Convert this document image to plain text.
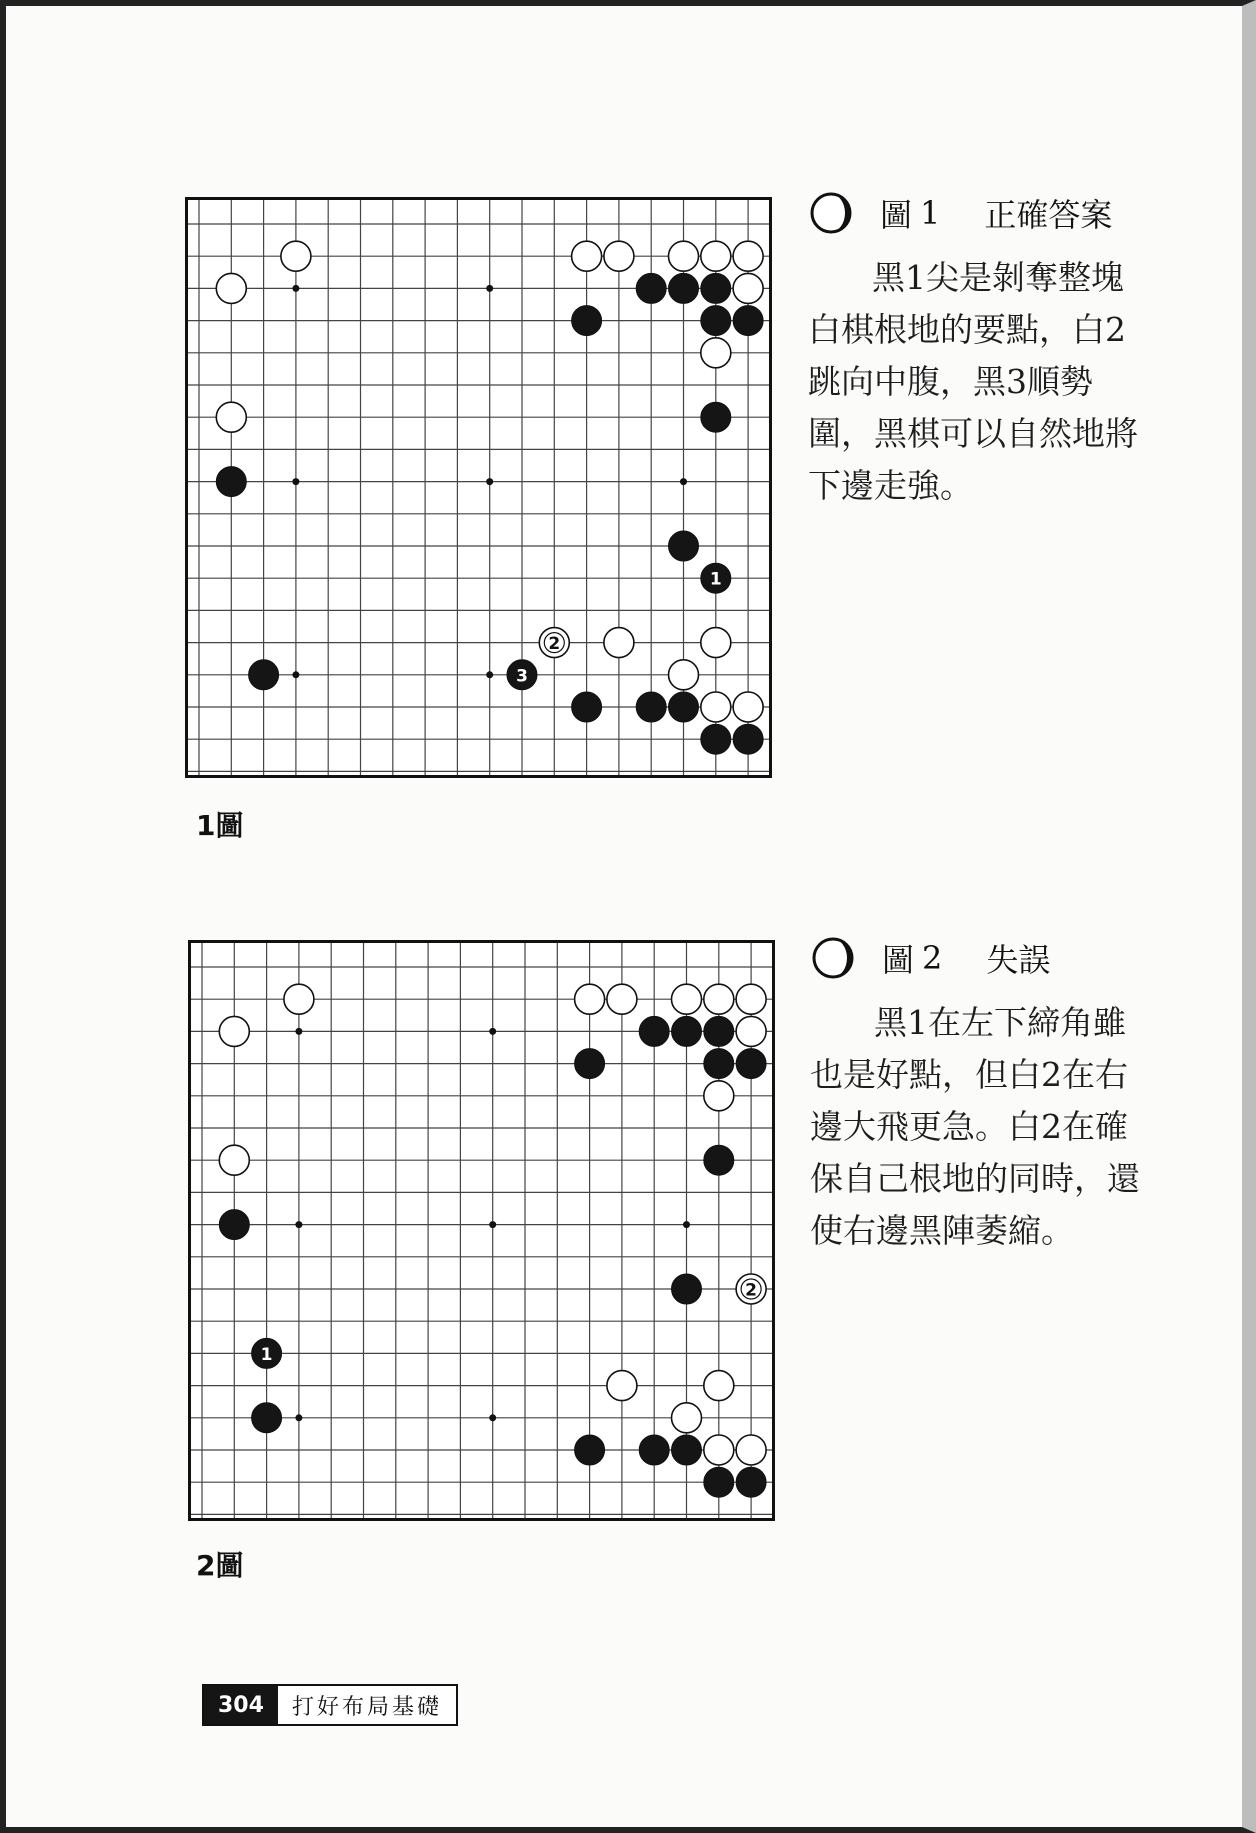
1
2
3
1圖
圖 1 正確答案
黑1尖是剝奪整塊白棋根地的要點，白2跳向中腹，黑3順勢圍，黑棋可以自然地將下邊走強。
2
1
2圖
圖 2 失誤
黑1在左下締角雖也是好點，但白2在右邊大飛更急。白2在確保自己根地的同時，還使右邊黑陣萎縮。
304	打好布局基礎
